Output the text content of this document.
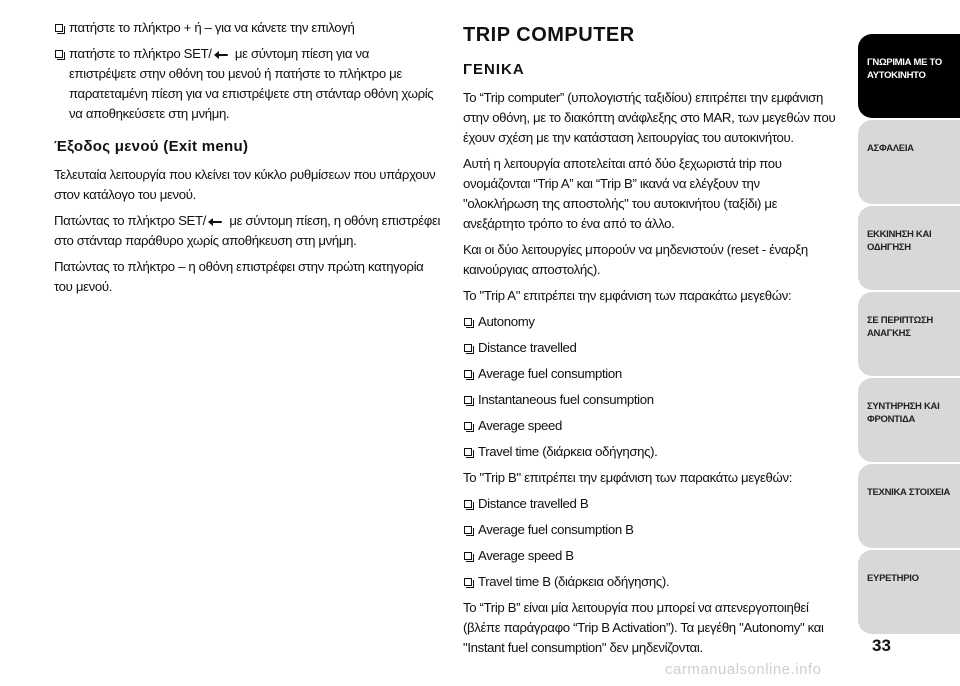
πατήστε το πλήκτρο + ή – για να κάνετε την επιλογή
πατήστε το πλήκτρο SET/ με σύντομη πίεση για να
επιστρέψετε στην οθόνη του μενού ή πατήστε το πλήκτρο με
παρατεταμένη πίεση για να επιστρέψετε στη στάνταρ οθόνη χωρίς
να αποθηκεύσετε στη μνήμη.
Έξοδος μενού (Exit menu)

Τελευταία λειτουργία που κλείνει τον κύκλο ρυθμίσεων που υπάρχουν στον κατάλογο του μενού.

Πατώντας το πλήκτρο SET/ με σύντομη πίεση, η οθόνη επιστρέφει στο στάνταρ παράθυρο χωρίς αποθήκευση στη μνήμη.

Πατώντας το πλήκτρο – η οθόνη επιστρέφει στην πρώτη κατηγορία του μενού.

TRIP COMPUTER
ΓΕΝΙΚΑ

Το “Trip computer” (υπολογιστής ταξιδίου) επιτρέπει την εμφάνιση στην οθόνη, με το διακόπτη ανάφλεξης στο MAR, των μεγεθών που έχουν σχέση με την κατάσταση λειτουργίας του αυτοκινήτου.

Αυτή η λειτουργία αποτελείται από δύο ξεχωριστά trip που ονομάζονται “Trip A” και “Trip B” ικανά να ελέγξουν την "ολοκλήρωση της αποστολής" του αυτοκινήτου (ταξίδι) με ανεξάρτητο τρόπο το ένα από το άλλο.

Και οι δύο λειτουργίες μπορούν να μηδενιστούν (reset - έναρξη καινούργιας αποστολής).

Το "Trip A" επιτρέπει την εμφάνιση των παρακάτω μεγεθών:

Autonomy
Distance travelled
Average fuel consumption
Instantaneous fuel consumption
Average speed
Travel time (διάρκεια οδήγησης).

Το "Trip B" επιτρέπει την εμφάνιση των παρακάτω μεγεθών:

Distance travelled B
Average fuel consumption B
Average speed B
Travel time B (διάρκεια οδήγησης).

Το “Trip B” είναι μία λειτουργία που μπορεί να απενεργοποιηθεί (βλέπε παράγραφο “Trip B Activation”). Τα μεγέθη "Autonomy" και "Instant fuel consumption" δεν μηδενίζονται.

ΓΝΩΡΙΜΙΑ ΜΕ ΤΟ ΑΥΤΟΚΙΝΗΤΟ
ΑΣΦΑΛΕΙΑ
ΕΚΚΙΝΗΣΗ ΚΑΙ ΟΔΗΓΗΣΗ
ΣΕ ΠΕΡΙΠΤΩΣΗ ΑΝΑΓΚΗΣ
ΣΥΝΤΗΡΗΣΗ ΚΑΙ ΦΡΟΝΤΙΔΑ
ΤΕΧΝΙΚΑ ΣΤΟΙΧΕΙΑ
ΕΥΡΕΤΗΡΙΟ
33
carmanualsonline.info
